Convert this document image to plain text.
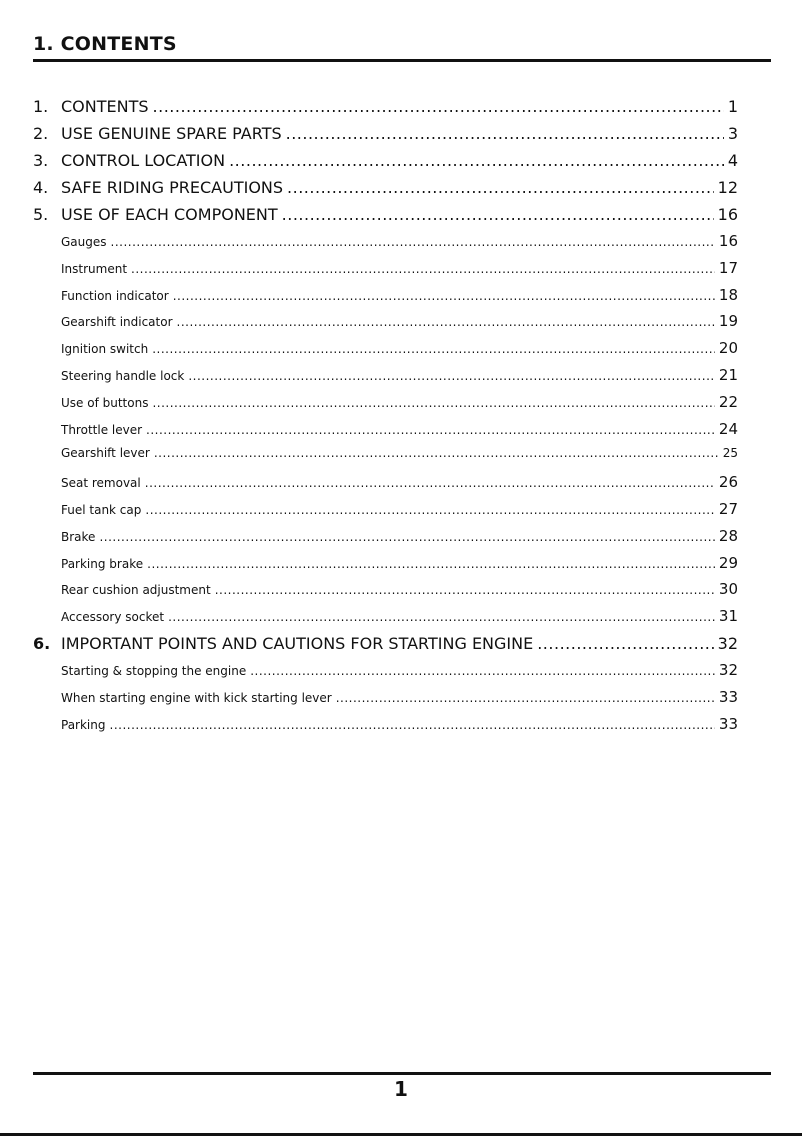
1. CONTENTS
1. CONTENTS .....	1
2. USE GENUINE SPARE PARTS .....	3
3. CONTROL LOCATION .....	4
4. SAFE RIDING PRECAUTIONS .....	12
5. USE OF EACH COMPONENT .....	16
Gauges .....	16
Instrument .....	17
Function indicator .....	18
Gearshift indicator .....	19
Ignition switch .....	20
Steering handle lock .....	21
Use of buttons .....	22
Throttle lever .....	24
Gearshift lever .....	25
Seat removal .....	26
Fuel tank cap .....	27
Brake .....	28
Parking brake .....	29
Rear cushion adjustment .....	30
Accessory socket .....	31
6. IMPORTANT POINTS AND CAUTIONS FOR STARTING ENGINE .....	32
Starting & stopping the engine .....	32
When starting engine with kick starting lever .....	33
Parking .....	33
1
